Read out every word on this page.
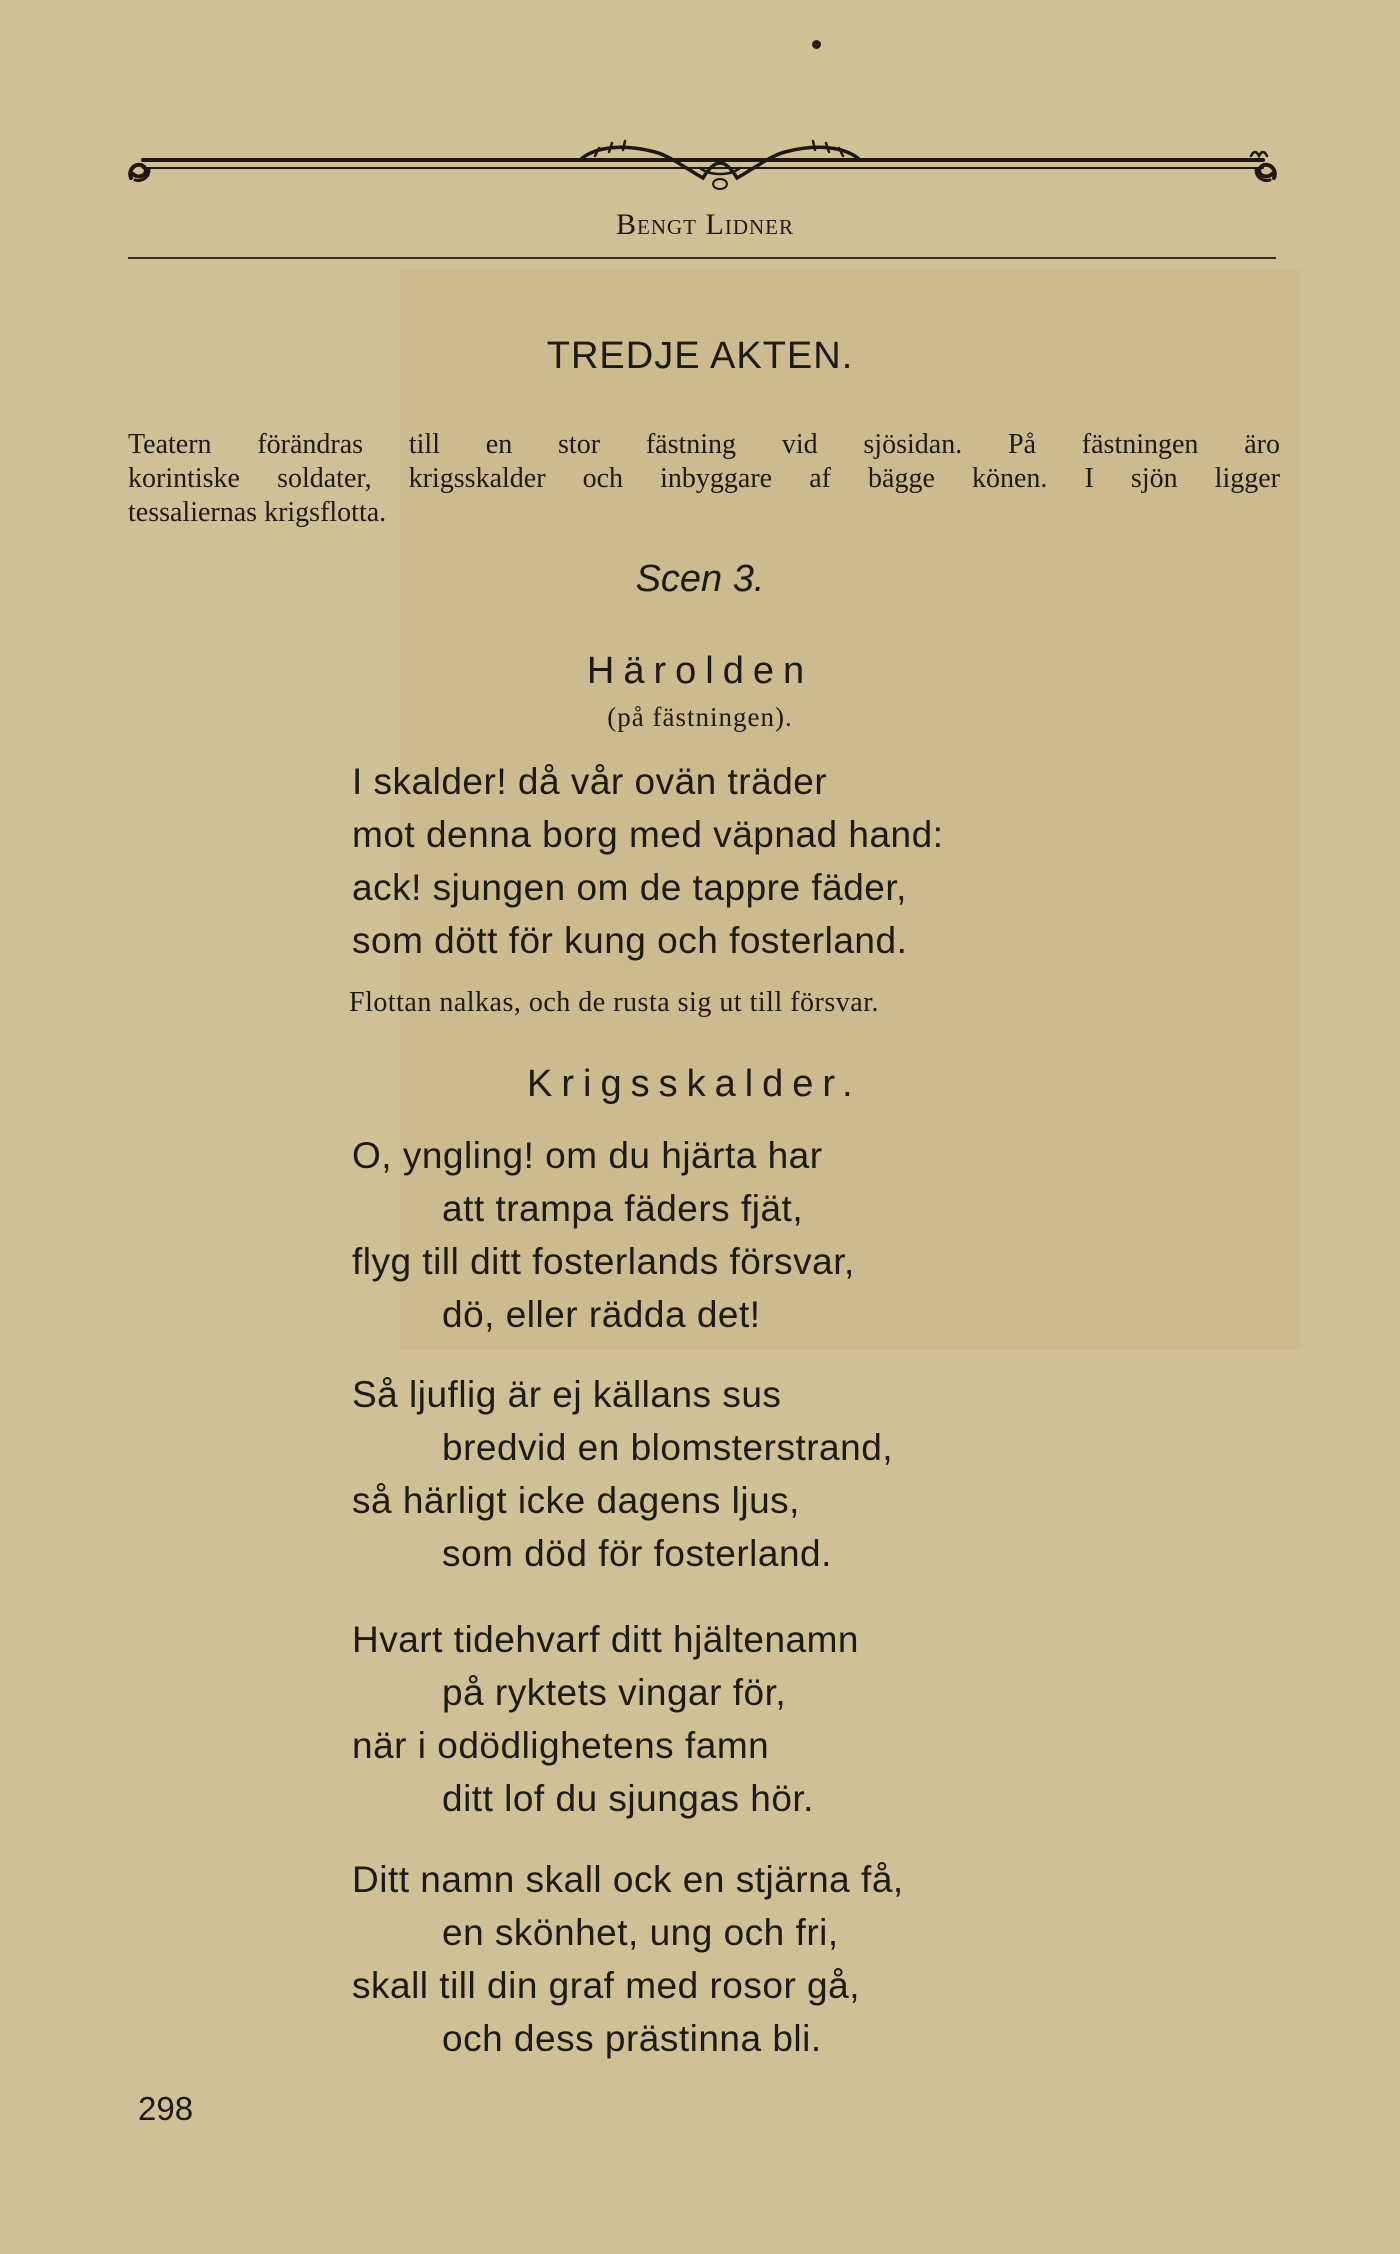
Bengt Lidner
TREDJE AKTEN.
Teatern förändras till en stor fästning vid sjösidan. På fästningen äro
korintiske soldater, krigsskalder och inbyggare af bägge könen. I sjön ligger
tessaliernas krigsflotta.
Scen 3.
Härolden
(på fästningen).
I skalder! då vår ovän träder
mot denna borg med väpnad hand:
ack! sjungen om de tappre fäder,
som dött för kung och fosterland.
Flottan nalkas, och de rusta sig ut till försvar.
Krigsskalder.
O, yngling! om du hjärta har
att trampa fäders fjät,
flyg till ditt fosterlands försvar,
dö, eller rädda det!
Så ljuflig är ej källans sus
bredvid en blomsterstrand,
så härligt icke dagens ljus,
som död för fosterland.
Hvart tidehvarf ditt hjältenamn
på ryktets vingar för,
när i odödlighetens famn
ditt lof du sjungas hör.
Ditt namn skall ock en stjärna få,
en skönhet, ung och fri,
skall till din graf med rosor gå,
och dess prästinna bli.
298
